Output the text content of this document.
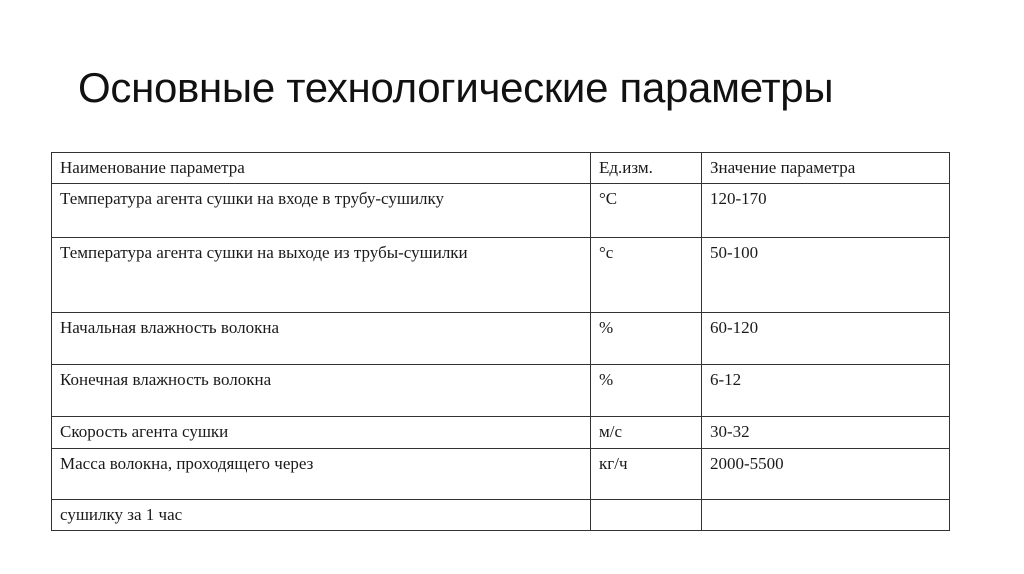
Основные технологические параметры
Наименование параметра	Ед.изм.	Значение параметра
Температура агента сушки на входе в трубу-сушилку	°C	120-170
Температура агента сушки на выходе из трубы-сушилки	°c	50-100
Начальная влажность волокна	%	60-120
Конечная влажность волокна	%	6-12
Скорость агента сушки	м/с	30-32
Масса волокна, проходящего через	кг/ч	2000-5500
сушилку за 1 час		
